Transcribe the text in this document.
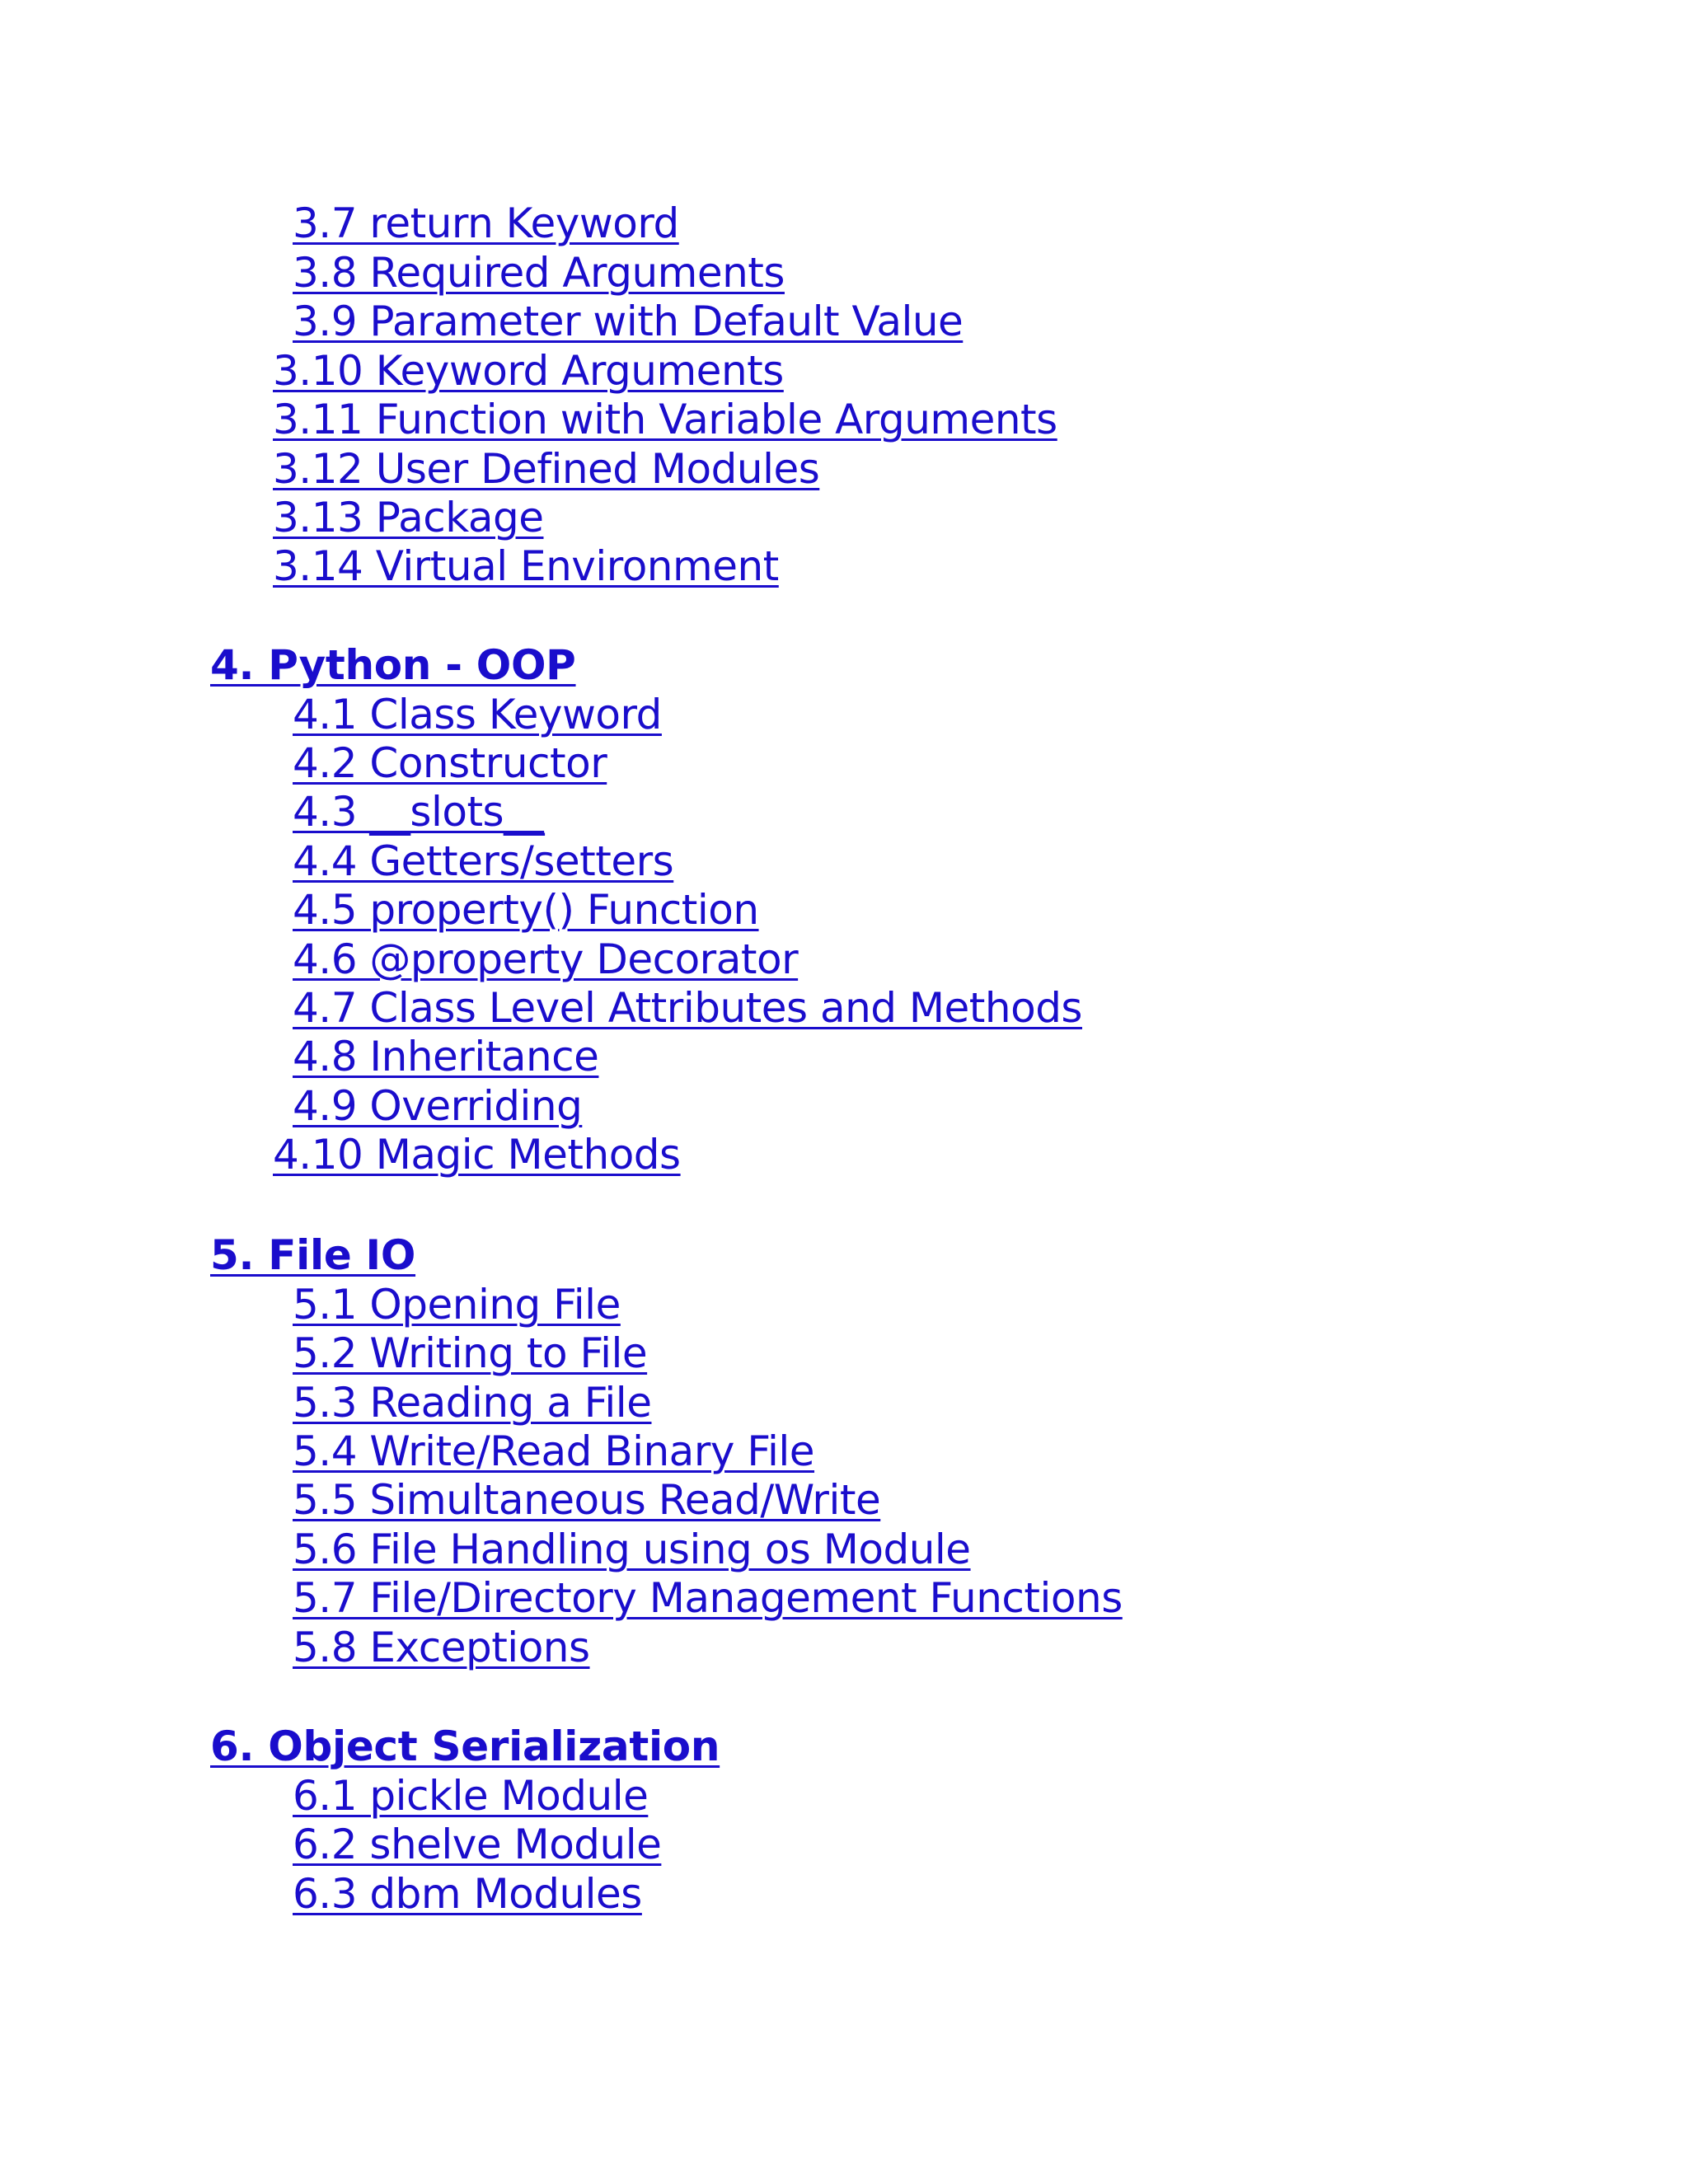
3.7 return Keyword
3.8 Required Arguments
3.9 Parameter with Default Value
3.10 Keyword Arguments
3.11 Function with Variable Arguments
3.12 User Defined Modules
3.13 Package
3.14 Virtual Environment
4. Python - OOP
4.1 Class Keyword
4.2 Constructor
4.3 __slots__
4.4 Getters/setters
4.5 property() Function
4.6 @property Decorator
4.7 Class Level Attributes and Methods
4.8 Inheritance
4.9 Overriding
4.10 Magic Methods
5. File IO
5.1 Opening File
5.2 Writing to File
5.3 Reading a File
5.4 Write/Read Binary File
5.5 Simultaneous Read/Write
5.6 File Handling using os Module
5.7 File/Directory Management Functions
5.8 Exceptions
6. Object Serialization
6.1 pickle Module
6.2 shelve Module
6.3 dbm Modules
